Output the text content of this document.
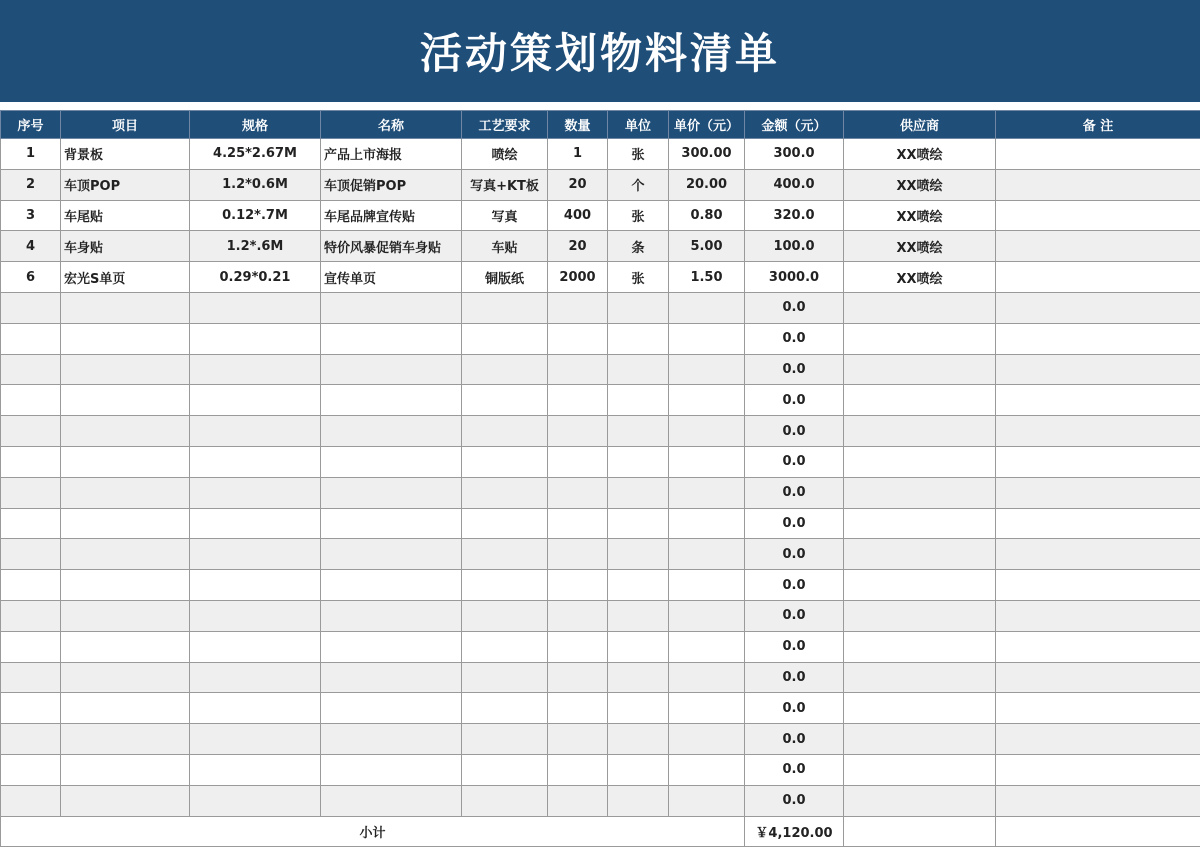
活动策划物料清单
序号	项目	规格	名称	工艺要求	数量	单位	单价（元）	金额（元）	供应商	备 注
1	背景板	4.25*2.67M	产品上市海报	喷绘	1	张	300.00	300.0	XX喷绘	
2	车顶POP	1.2*0.6M	车顶促销POP	写真+KT板	20	个	20.00	400.0	XX喷绘	
3	车尾贴	0.12*.7M	车尾品牌宣传贴	写真	400	张	0.80	320.0	XX喷绘	
4	车身贴	1.2*.6M	特价风暴促销车身贴	车贴	20	条	5.00	100.0	XX喷绘	
6	宏光S单页	0.29*0.21	宣传单页	铜版纸	2000	张	1.50	3000.0	XX喷绘	
								0.0		
								0.0		
								0.0		
								0.0		
								0.0		
								0.0		
								0.0		
								0.0		
								0.0		
								0.0		
								0.0		
								0.0		
								0.0		
								0.0		
								0.0		
								0.0		
								0.0		
小计								￥4,120.00		
